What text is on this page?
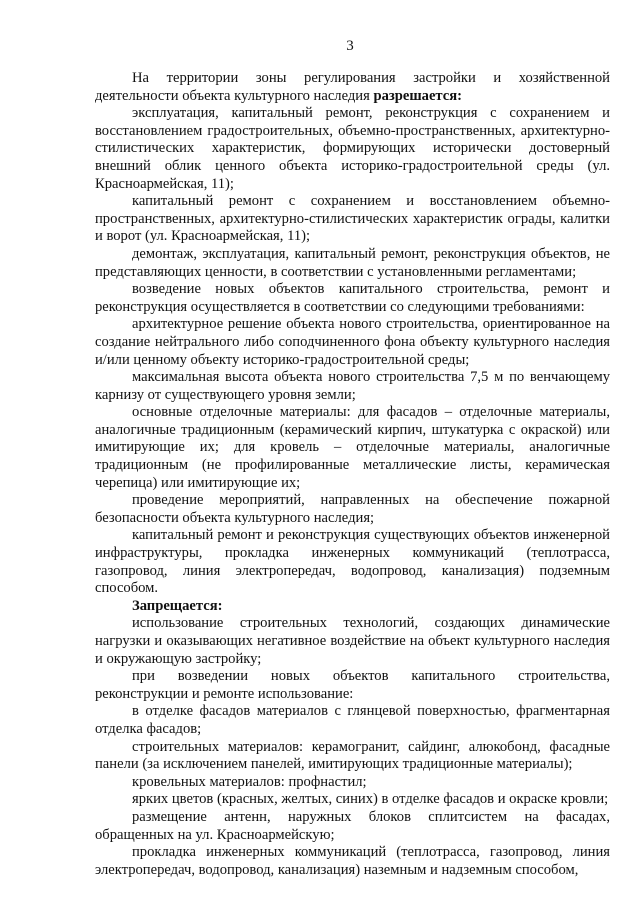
3

На территории зоны регулирования застройки и хозяйственной деятельности объекта культурного наследия разрешается:

эксплуатация, капитальный ремонт, реконструкция с сохранением и восстановлением градостроительных, объемно-пространственных, архитектурно-стилистических характеристик, формирующих исторически достоверный внешний облик ценного объекта историко-градостроительной среды (ул. Красноармейская, 11);

капитальный ремонт с сохранением и восстановлением объемно-пространственных, архитектурно-стилистических характеристик ограды, калитки и ворот (ул. Красноармейская, 11);

демонтаж, эксплуатация, капитальный ремонт, реконструкция объектов, не представляющих ценности, в соответствии с установленными регламентами;

возведение новых объектов капитального строительства, ремонт и реконструкция осуществляется в соответствии со следующими требованиями:

архитектурное решение объекта нового строительства, ориентированное на создание нейтрального либо соподчиненного фона объекту культурного наследия и/или ценному объекту историко-градостроительной среды;

максимальная высота объекта нового строительства 7,5 м по венчающему карнизу от существующего уровня земли;

основные отделочные материалы: для фасадов – отделочные материалы, аналогичные традиционным (керамический кирпич, штукатурка с окраской) или имитирующие их; для кровель – отделочные материалы, аналогичные традиционным (не профилированные металлические листы, керамическая черепица) или имитирующие их;

проведение мероприятий, направленных на обеспечение пожарной безопасности объекта культурного наследия;

капитальный ремонт и реконструкция существующих объектов инженерной инфраструктуры, прокладка инженерных коммуникаций (теплотрасса, газопровод, линия электропередач, водопровод, канализация) подземным способом.

Запрещается:

использование строительных технологий, создающих динамические нагрузки и оказывающих негативное воздействие на объект культурного наследия и окружающую застройку;

при возведении новых объектов капитального строительства, реконструкции и ремонте использование:

в отделке фасадов материалов с глянцевой поверхностью, фрагментарная отделка фасадов;

строительных материалов: керамогранит, сайдинг, алюкобонд, фасадные панели (за исключением панелей, имитирующих традиционные материалы);

кровельных материалов: профнастил;

ярких цветов (красных, желтых, синих) в отделке фасадов и окраске кровли;

размещение антенн, наружных блоков сплитсистем на фасадах, обращенных на ул. Красноармейскую;

прокладка инженерных коммуникаций (теплотрасса, газопровод, линия электропередач, водопровод, канализация) наземным и надземным способом,
